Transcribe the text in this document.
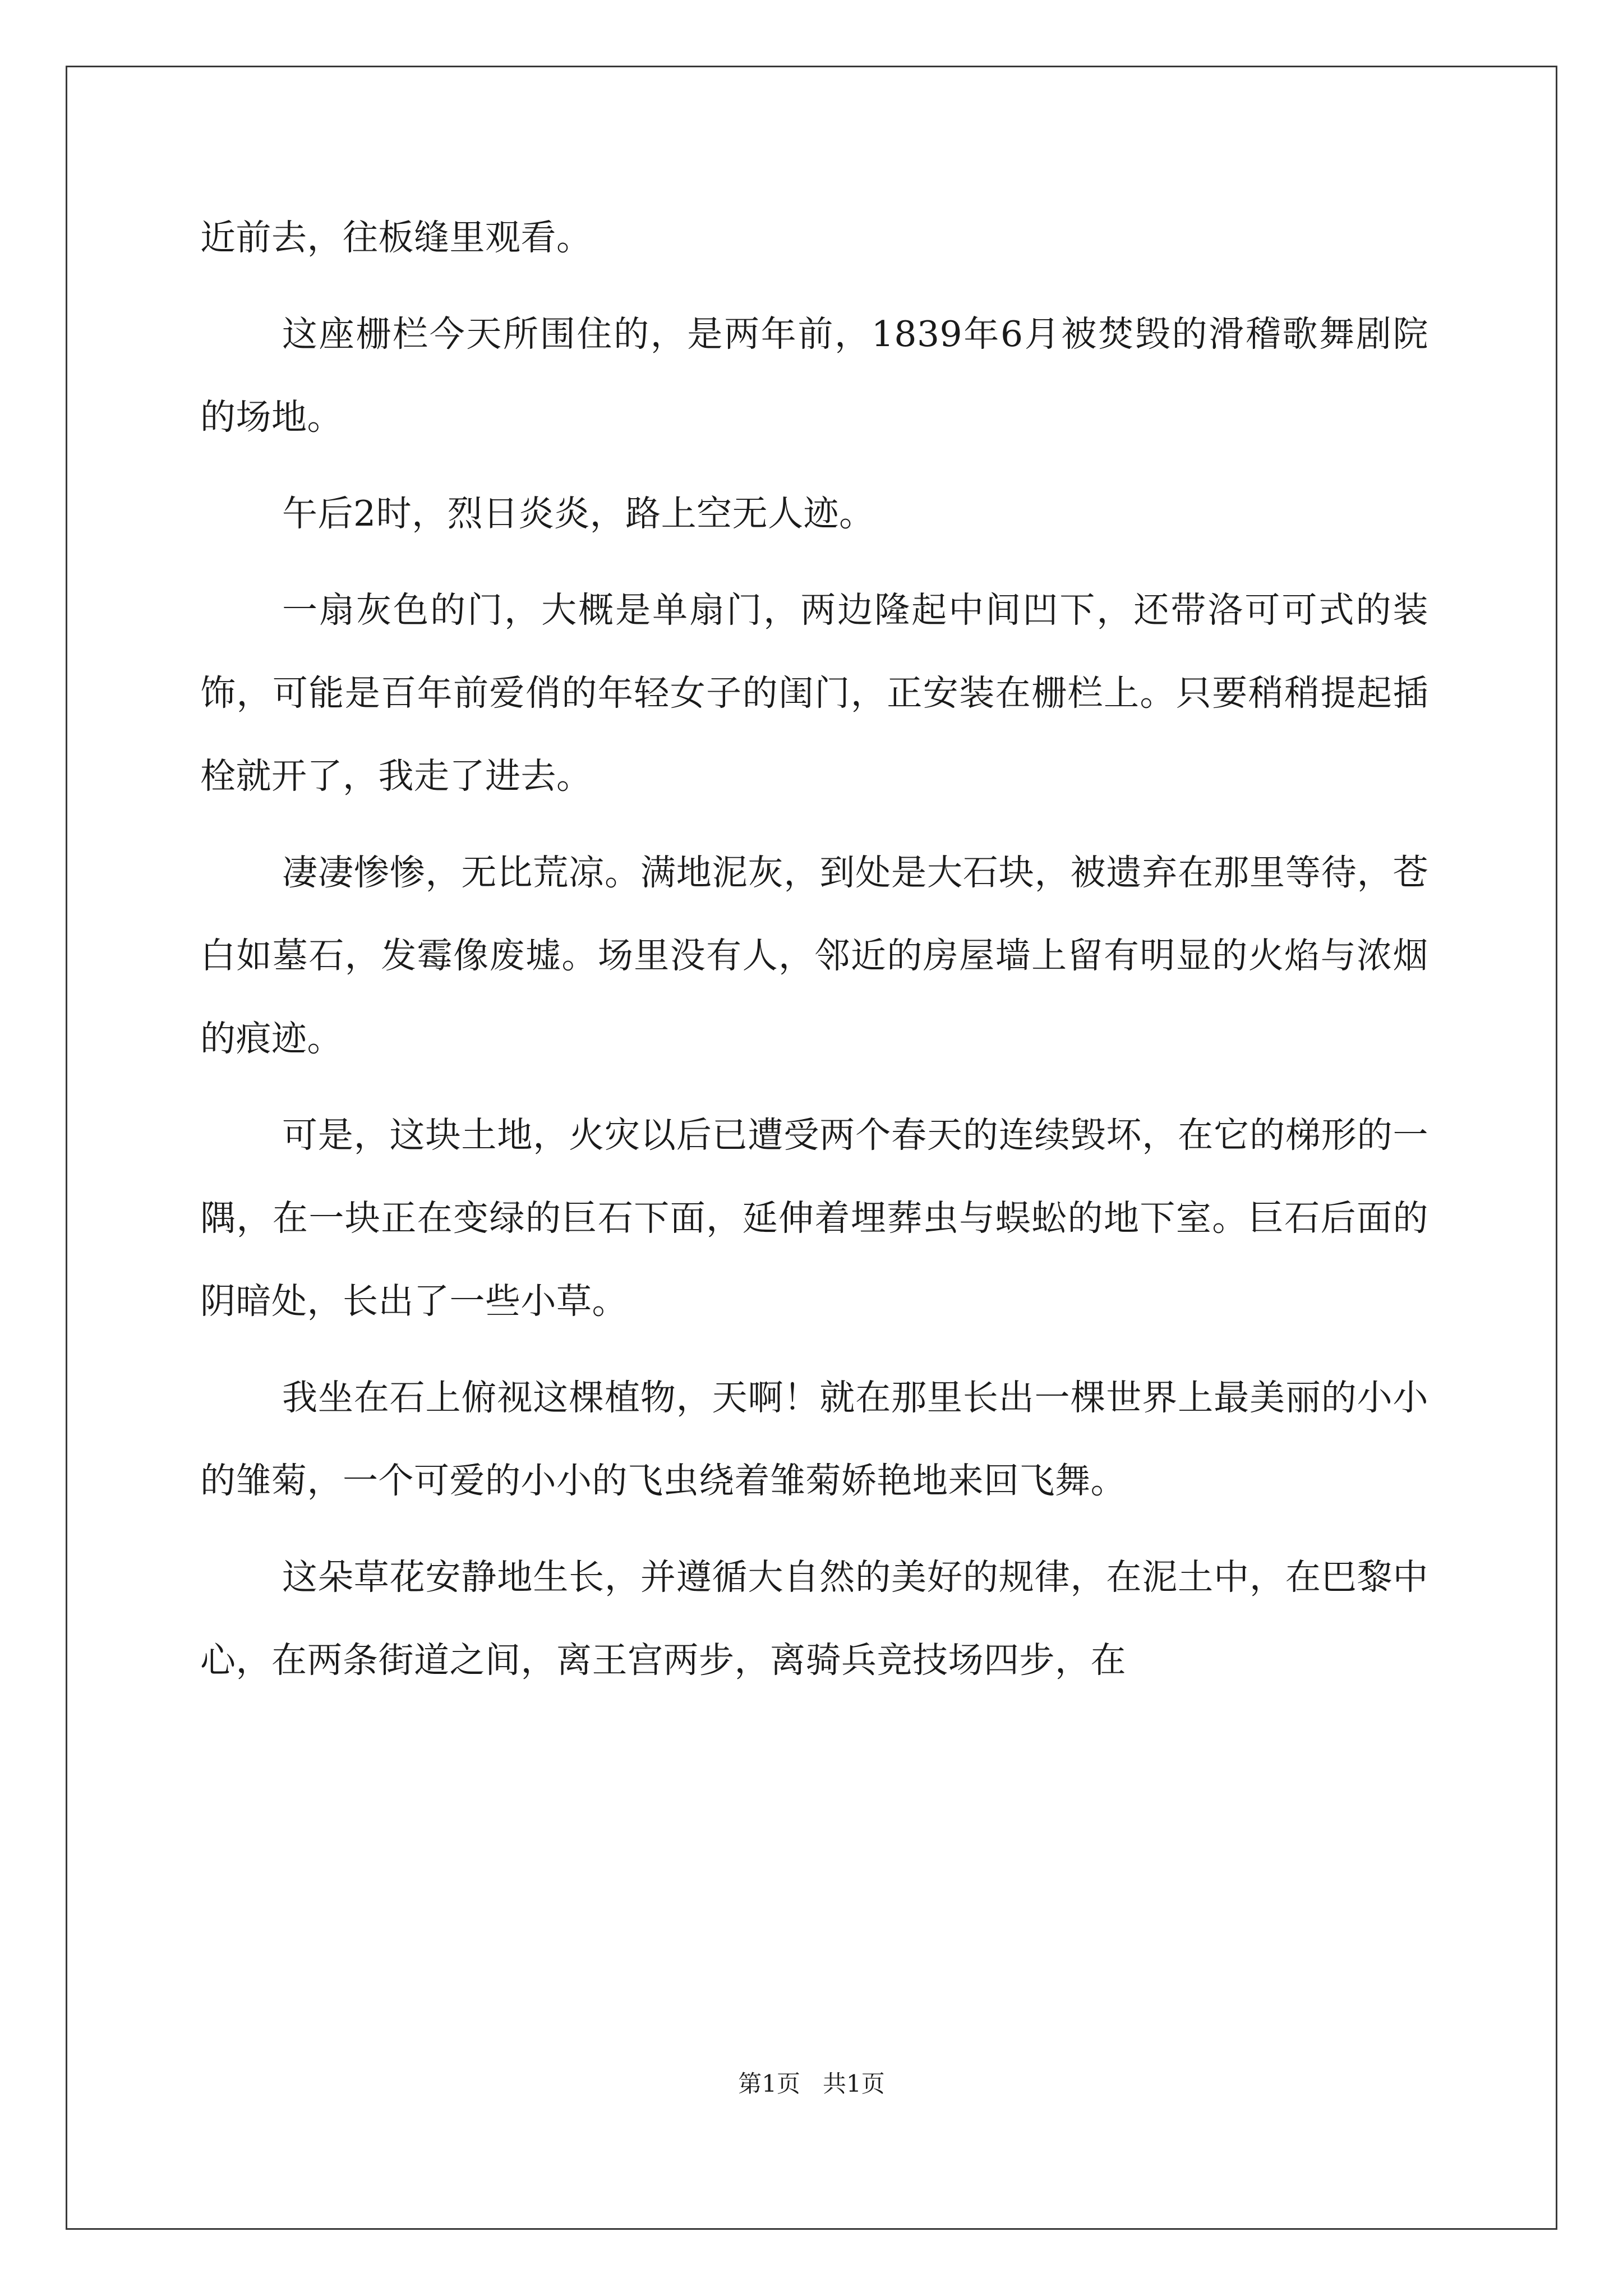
近前去，往板缝里观看。

这座栅栏今天所围住的，是两年前，1839年6月被焚毁的滑稽歌舞剧院的场地。

午后2时，烈日炎炎，路上空无人迹。

一扇灰色的门，大概是单扇门，两边隆起中间凹下，还带洛可可式的装饰，可能是百年前爱俏的年轻女子的闺门，正安装在栅栏上。只要稍稍提起插栓就开了，我走了进去。

凄凄惨惨，无比荒凉。满地泥灰，到处是大石块，被遗弃在那里等待，苍白如墓石，发霉像废墟。场里没有人，邻近的房屋墙上留有明显的火焰与浓烟的痕迹。

可是，这块土地，火灾以后已遭受两个春天的连续毁坏，在它的梯形的一隅，在一块正在变绿的巨石下面，延伸着埋葬虫与蜈蚣的地下室。巨石后面的阴暗处，长出了一些小草。

我坐在石上俯视这棵植物，天啊！就在那里长出一棵世界上最美丽的小小的雏菊，一个可爱的小小的飞虫绕着雏菊娇艳地来回飞舞。

这朵草花安静地生长，并遵循大自然的美好的规律，在泥土中，在巴黎中心，在两条街道之间，离王宫两步，离骑兵竞技场四步，在

第1页   共1页
